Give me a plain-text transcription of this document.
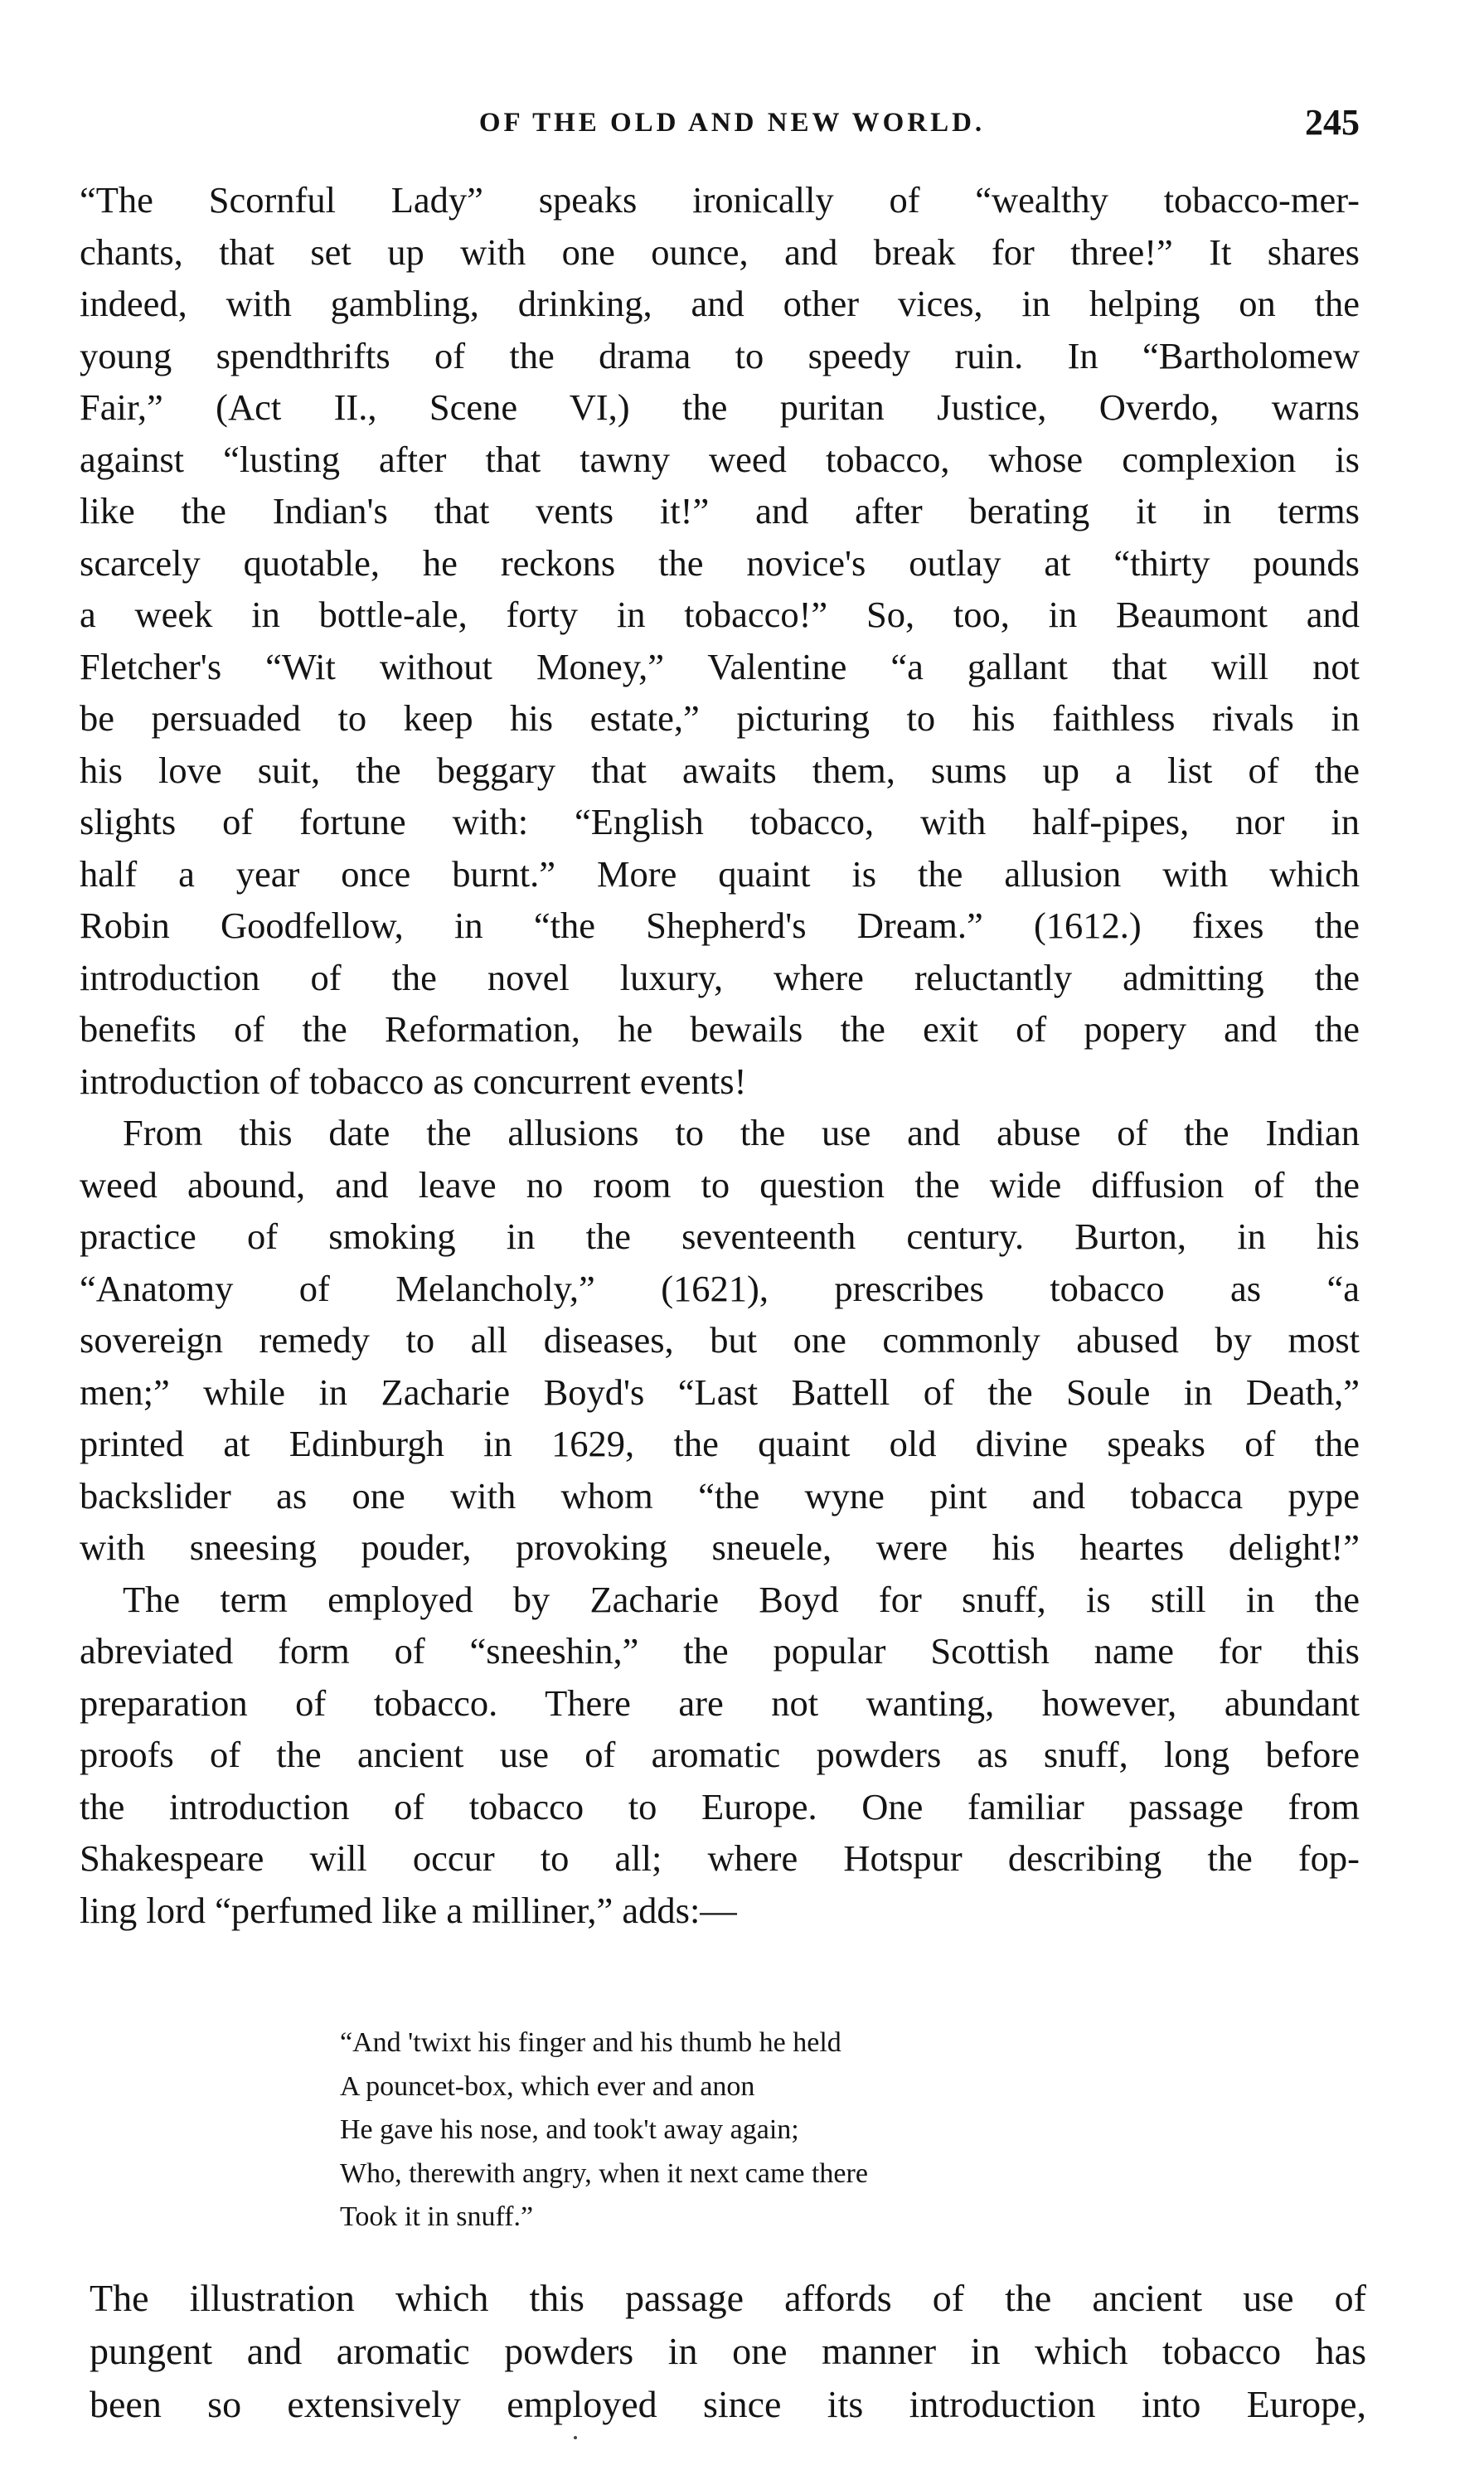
OF THE OLD AND NEW WORLD.	245
“The Scornful Lady” speaks ironically of “wealthy tobacco-mer-
chants, that set up with one ounce, and break for three!” It shares
indeed, with gambling, drinking, and other vices, in helping on the
young spendthrifts of the drama to speedy ruin. In “Bartholomew
Fair,” (Act II., Scene VI,) the puritan Justice, Overdo, warns
against “lusting after that tawny weed tobacco, whose complexion is
like the Indian's that vents it!” and after berating it in terms
scarcely quotable, he reckons the novice's outlay at “thirty pounds
a week in bottle-ale, forty in tobacco!” So, too, in Beaumont and
Fletcher's “Wit without Money,” Valentine “a gallant that will not
be persuaded to keep his estate,” picturing to his faithless rivals in
his love suit, the beggary that awaits them, sums up a list of the
slights of fortune with: “English tobacco, with half-pipes, nor in
half a year once burnt.” More quaint is the allusion with which
Robin Goodfellow, in “the Shepherd's Dream.” (1612.) fixes the
introduction of the novel luxury, where reluctantly admitting the
benefits of the Reformation, he bewails the exit of popery and the
introduction of tobacco as concurrent events!
From this date the allusions to the use and abuse of the Indian
weed abound, and leave no room to question the wide diffusion of the
practice of smoking in the seventeenth century. Burton, in his
“Anatomy of Melancholy,” (1621), prescribes tobacco as “a
sovereign remedy to all diseases, but one commonly abused by most
men;” while in Zacharie Boyd's “Last Battell of the Soule in Death,”
printed at Edinburgh in 1629, the quaint old divine speaks of the
backslider as one with whom “the wyne pint and tobacca pype
with sneesing pouder, provoking sneuele, were his heartes delight!”
The term employed by Zacharie Boyd for snuff, is still in the
abreviated form of “sneeshin,” the popular Scottish name for this
preparation of tobacco. There are not wanting, however, abundant
proofs of the ancient use of aromatic powders as snuff, long before
the introduction of tobacco to Europe. One familiar passage from
Shakespeare will occur to all; where Hotspur describing the fop-
ling lord “perfumed like a milliner,” adds:—
“And 'twixt his finger and his thumb he held
A pouncet-box, which ever and anon
He gave his nose, and took't away again;
Who, therewith angry, when it next came there
Took it in snuff.”
The illustration which this passage affords of the ancient use of
pungent and aromatic powders in one manner in which tobacco has
been so extensively employed since its introduction into Europe,
